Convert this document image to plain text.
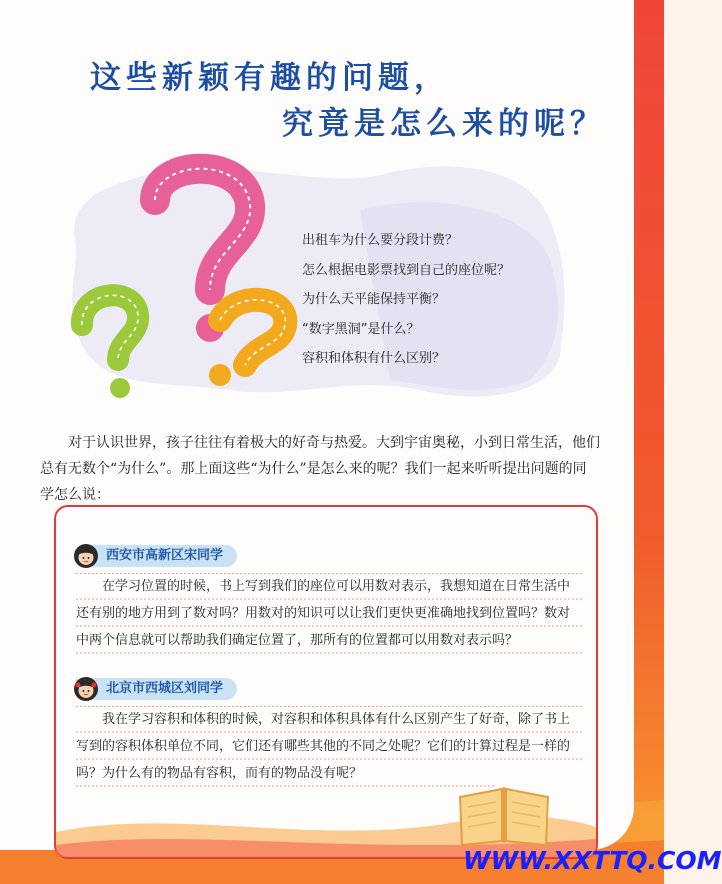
这些新颖有趣的问题，
究竟是怎么来的呢？
出租车为什么要分段计费？
怎么根据电影票找到自己的座位呢？
为什么天平能保持平衡？
“数字黑洞”是什么？
容积和体积有什么区别？

对于认识世界，孩子往往有着极大的好奇与热爱。大到宇宙奥秘，小到日常生活，他们总有无数个“为什么”。那上面这些“为什么”是怎么来的呢？我们一起来听听提出问题的同学怎么说：

西安市高新区宋同学

在学习位置的时候，书上写到我们的座位可以用数对表示，我想知道在日常生活中还有别的地方用到了数对吗？用数对的知识可以让我们更快更准确地找到位置吗？数对中两个信息就可以帮助我们确定位置了，那所有的位置都可以用数对表示吗？

北京市西城区刘同学

我在学习容积和体积的时候，对容积和体积具体有什么区别产生了好奇，除了书上写到的容积体积单位不同，它们还有哪些其他的不同之处呢？它们的计算过程是一样的吗？为什么有的物品有容积，而有的物品没有呢？

WWW.XXTTQ.COM
